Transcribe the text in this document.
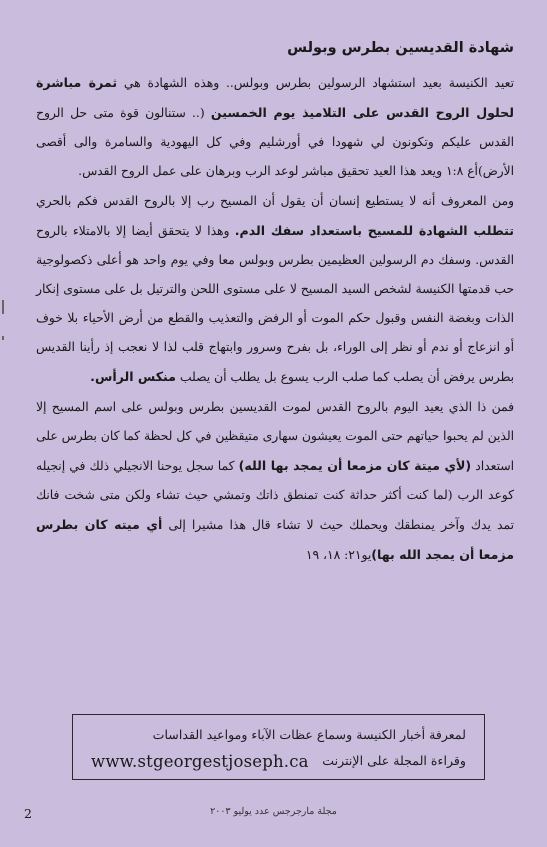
شهادة القديسين بطرس وبولس

تعيد الكنيسة بعيد استشهاد الرسولين بطرس وبولس.. وهذه الشهادة هي ثمرة مباشرة لحلول الروح القدس على التلاميذ يوم الخمسين (.. ستنالون قوة متى حل الروح القدس عليكم وتكونون لي شهودا في أورشليم وفي كل اليهودية والسامرة والى أقصى الأرض)أع ١:٨ ويعد هذا العيد تحقيق مباشر لوعد الرب وبرهان على عمل الروح القدس.

ومن المعروف أنه لا يستطيع إنسان أن يقول أن المسيح رب إلا بالروح القدس فكم بالحري تتطلب الشهادة للمسيح باستعداد سفك الدم. وهذا لا يتحقق أيضا إلا بالامتلاء بالروح القدس. وسفك دم الرسولين العظيمين بطرس وبولس معا وفي يوم واحد هو أعلى ذكصولوجية حب قدمتها الكنيسة لشخص السيد المسيح لا على مستوى اللحن والترتيل بل على مستوى إنكار الذات وبغضة النفس وقبول حكم الموت أو الرفض والتعذيب والقطع من أرض الأحياء بلا خوف أو انزعاج أو ندم أو نظر إلى الوراء، بل بفرح وسرور وابتهاج قلب لذا لا نعجب إذ رأينا القديس بطرس يرفض أن يصلب كما صلب الرب يسوع بل يطلب أن يصلب منكس الرأس.

فمن ذا الذي يعيد اليوم بالروح القدس لموت القديسين بطرس وبولس على اسم المسيح إلا الذين لم يحبوا حياتهم حتى الموت يعيشون سهارى متيقظين في كل لحظة كما كان بطرس على استعداد (لأي ميتة كان مزمعا أن يمجد بها الله) كما سجل يوحنا الانجيلي ذلك في إنجيله كوعد الرب (لما كنت أكثر حداثة كنت تمنطق ذاتك وتمشي حيث تشاء ولكن متى شخت فانك تمد يدك وآخر يمنطقك ويحملك حيث لا تشاء قال هذا مشيرا إلى أي ميته كان بطرس مزمعا أن يمجد الله بها)يو٢١: ١٨، ١٩

لمعرفة أخبار الكنيسة وسماع عظات الآباء ومواعيد القداسات
وقراءة المجلة على الإنترنت
www.stgeorgestjoseph.ca
مجلة مارجرجس عدد يوليو ٢٠٠٣
2
